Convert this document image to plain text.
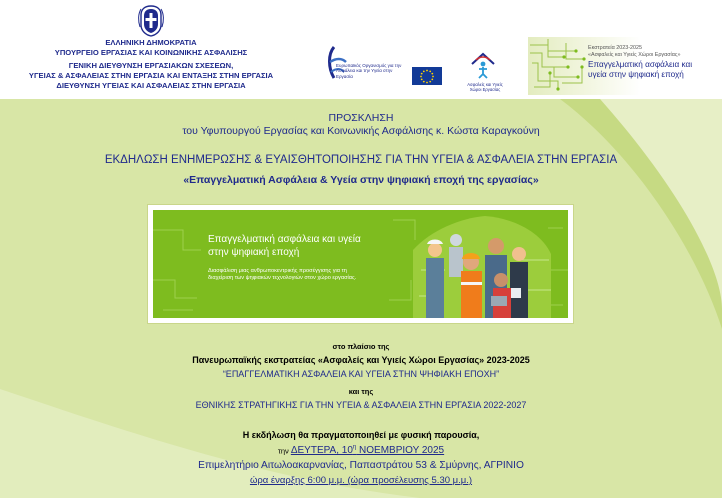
ΕΛΛΗΝΙΚΗ ΔΗΜΟΚΡΑΤΙΑ
ΥΠΟΥΡΓΕΙΟ ΕΡΓΑΣΙΑΣ ΚΑΙ ΚΟΙΝΩΝΙΚΗΣ ΑΣΦΑΛΙΣΗΣ
ΓΕΝΙΚΗ ΔΙΕΥΘΥΝΣΗ ΕΡΓΑΣΙΑΚΩΝ ΣΧΕΣΕΩΝ,
ΥΓΕΙΑΣ & ΑΣΦΑΛΕΙΑΣ ΣΤΗΝ ΕΡΓΑΣΙΑ ΚΑΙ ΕΝΤΑΞΗΣ ΣΤΗΝ ΕΡΓΑΣΙΑ
ΔΙΕΥΘΥΝΣΗ ΥΓΕΙΑΣ ΚΑΙ ΑΣΦΑΛΕΙΑΣ ΣΤΗΝ ΕΡΓΑΣΙΑ
Ευρωπαϊκός Οργανισμός για την Ασφάλεια και την Υγεία στην Εργασία
Ασφαλείς και Υγιείς Χώροι Εργασίας
Εκστρατεία 2023-2025
«Ασφαλείς και Υγιείς Χώροι Εργασίας»
Επαγγελματική ασφάλεια και υγεία στην ψηφιακή εποχή
ΠΡΟΣΚΛΗΣΗ
του Υφυπουργού Εργασίας και Κοινωνικής Ασφάλισης κ. Κώστα Καραγκούνη
ΕΚΔΗΛΩΣΗ ΕΝΗΜΕΡΩΣΗΣ & ΕΥΑΙΣΘΗΤΟΠΟΙΗΣΗΣ ΓΙΑ ΤΗΝ ΥΓΕΙΑ & ΑΣΦΑΛΕΙΑ ΣΤΗΝ ΕΡΓΑΣΙΑ
«Επαγγελματική Ασφάλεια & Υγεία στην ψηφιακή εποχή της εργασίας»
Επαγγελματική ασφάλεια και υγεία στην ψηφιακή εποχή
Διασφάλιση μιας ανθρωποκεντρικής προσέγγισης για τη διαχείριση των ψηφιακών τεχνολογιών στον χώρο εργασίας.
στο πλαίσιο της
Πανευρωπαϊκής εκστρατείας «Ασφαλείς και Υγιείς Χώροι Εργασίας» 2023-2025
“ΕΠΑΓΓΕΛΜΑΤΙΚΗ ΑΣΦΑΛΕΙΑ ΚΑΙ ΥΓΕΙΑ ΣΤΗΝ ΨΗΦΙΑΚΗ ΕΠΟΧΗ”
και της
ΕΘΝΙΚΗΣ ΣΤΡΑΤΗΓΙΚΗΣ ΓΙΑ ΤΗΝ ΥΓΕΙΑ & ΑΣΦΑΛΕΙΑ ΣΤΗΝ ΕΡΓΑΣΙΑ 2022-2027
Η εκδήλωση θα πραγματοποιηθεί με φυσική παρουσία,
την ΔΕΥΤΕΡΑ, $10^\eta$ ΝΟΕΜΒΡΙΟΥ 2025
Επιμελητήριο Αιτωλοακαρνανίας, Παπαστράτου 53 & Σμύρνης, ΑΓΡΙΝΙΟ
ώρα έναρξης 6:00 μ.μ. (ώρα προσέλευσης 5.30 μ.μ.)
